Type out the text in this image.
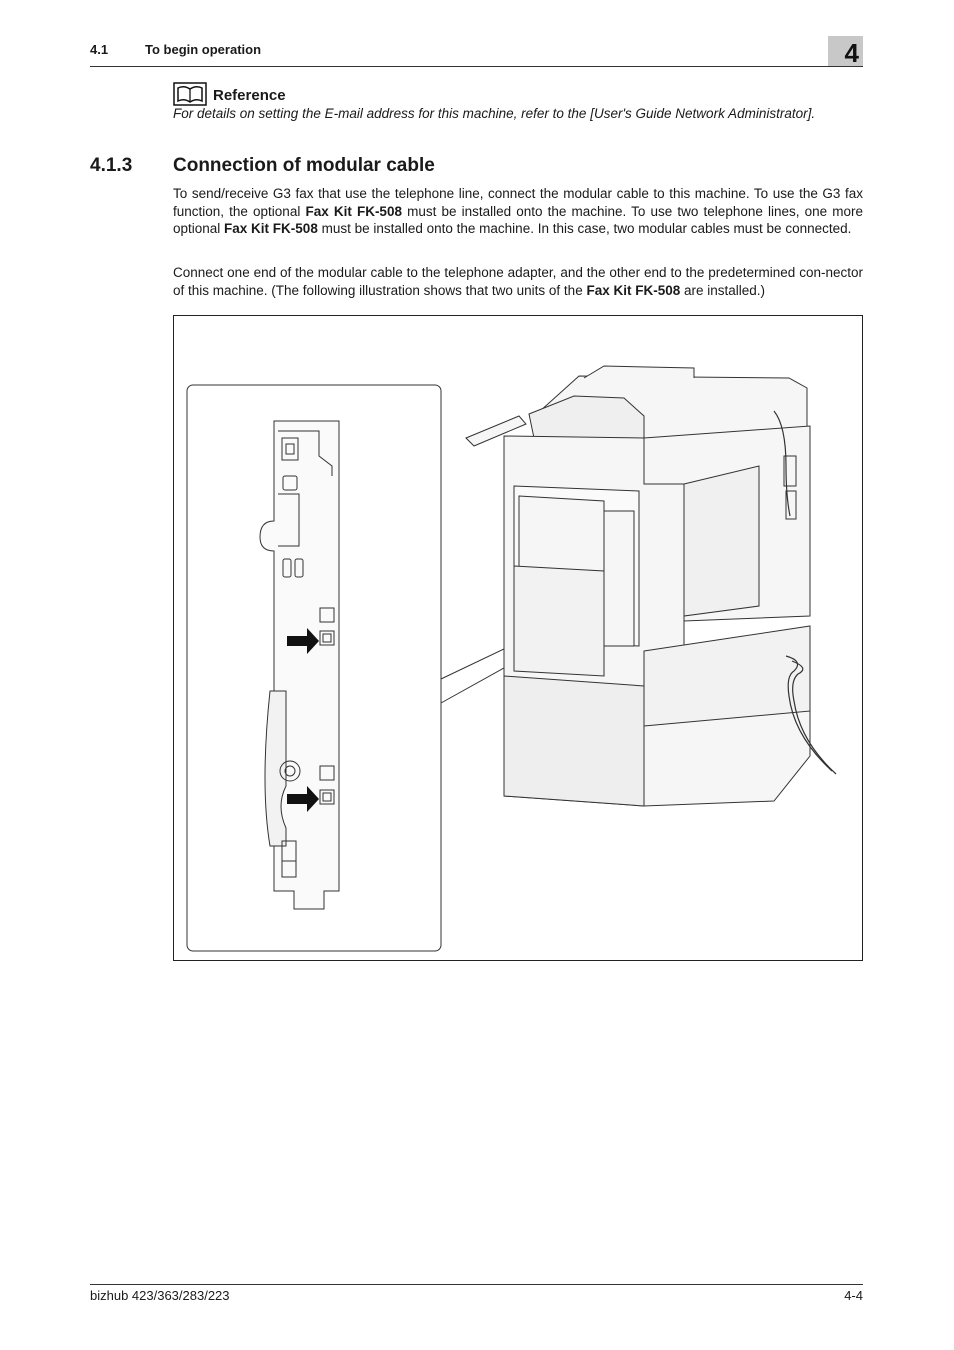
4.1	To begin operation	4
Reference
For details on setting the E-mail address for this machine, refer to the [User's Guide Network Administrator].
4.1.3 Connection of modular cable
To send/receive G3 fax that use the telephone line, connect the modular cable to this machine. To use the G3 fax function, the optional Fax Kit FK-508 must be installed onto the machine. To use two telephone lines, one more optional Fax Kit FK-508 must be installed onto the machine. In this case, two modular cables must be connected.
Connect one end of the modular cable to the telephone adapter, and the other end to the predetermined con-nector of this machine. (The following illustration shows that two units of the Fax Kit FK-508 are installed.)
bizhub 423/363/283/223	4-4
